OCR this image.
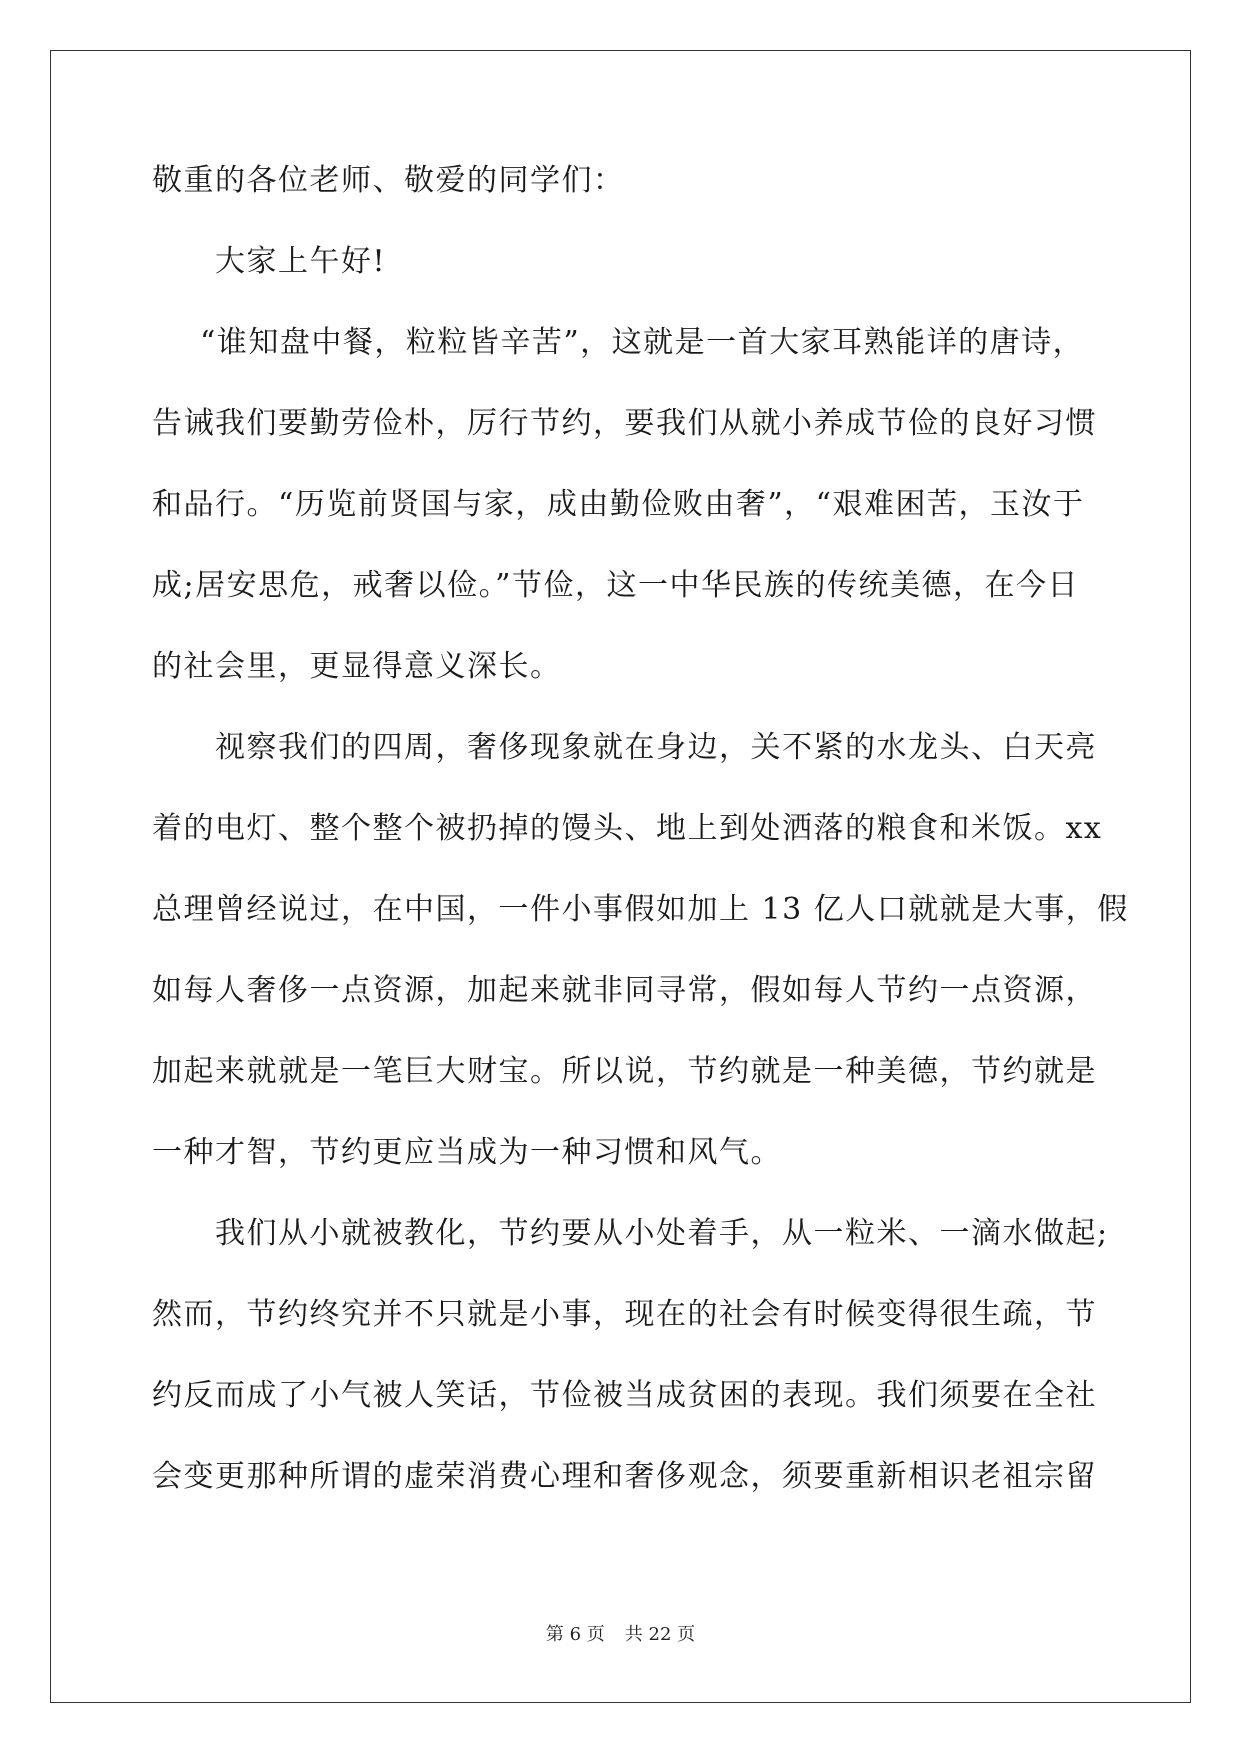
敬重的各位老师、敬爱的同学们：
大家上午好!
“谁知盘中餐，粒粒皆辛苦”，这就是一首大家耳熟能详的唐诗，
告诫我们要勤劳俭朴，厉行节约，要我们从就小养成节俭的良好习惯
和品行。“历览前贤国与家，成由勤俭败由奢”，“艰难困苦，玉汝于
成;居安思危，戒奢以俭。”节俭，这一中华民族的传统美德，在今日
的社会里，更显得意义深长。
视察我们的四周，奢侈现象就在身边，关不紧的水龙头、白天亮
着的电灯、整个整个被扔掉的馒头、地上到处洒落的粮食和米饭。xx
总理曾经说过，在中国，一件小事假如加上 13 亿人口就就是大事，假
如每人奢侈一点资源，加起来就非同寻常，假如每人节约一点资源，
加起来就就是一笔巨大财宝。所以说，节约就是一种美德，节约就是
一种才智，节约更应当成为一种习惯和风气。
我们从小就被教化，节约要从小处着手，从一粒米、一滴水做起;
然而，节约终究并不只就是小事，现在的社会有时候变得很生疏，节
约反而成了小气被人笑话，节俭被当成贫困的表现。我们须要在全社
会变更那种所谓的虚荣消费心理和奢侈观念，须要重新相识老祖宗留
第 6 页 共 22 页
